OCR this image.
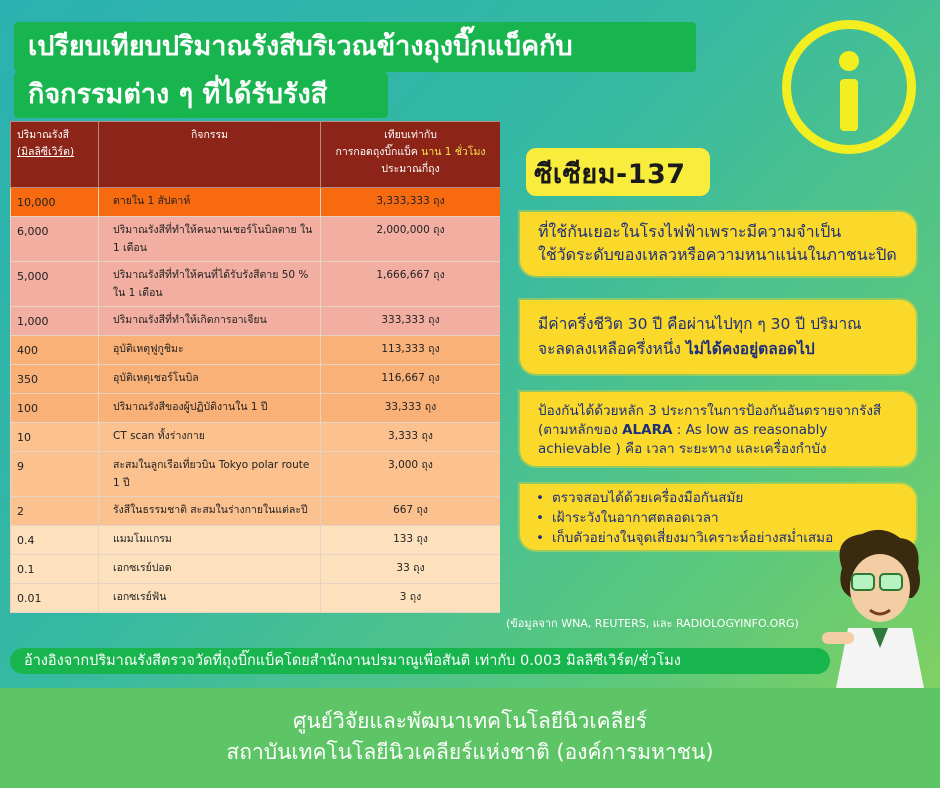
เปรียบเทียบปริมาณรังสีบริเวณข้างถุงบิ๊กแบ็คกับ
กิจกรรมต่าง ๆ ที่ได้รับรังสี
ปริมาณรังสี
(มิลลิซีเวิร์ต)	กิจกรรม	เทียบเท่ากับ
การกอดถุงบิ๊กแบ็ค นาน 1 ชั่วโมง
ประมาณกี่ถุง
10,000	ตายใน 1 สัปดาห์	3,333,333 ถุง
6,000	ปริมาณรังสีที่ทำให้คนงานเชอร์โนบิลตาย ใน 1 เดือน	2,000,000 ถุง
5,000	ปริมาณรังสีที่ทำให้คนที่ได้รับรังสีตาย 50 % ใน 1 เดือน	1,666,667 ถุง
1,000	ปริมาณรังสีที่ทำให้เกิดการอาเจียน	333,333 ถุง
400	อุบัติเหตุฟูกูชิมะ	113,333 ถุง
350	อุบัติเหตุเชอร์โนบิล	116,667 ถุง
100	ปริมาณรังสีของผู้ปฏิบัติงานใน 1 ปี	33,333 ถุง
10	CT scan ทั้งร่างกาย	3,333 ถุง
9	สะสมในลูกเรือเที่ยวบิน Tokyo polar route 1 ปี	3,000 ถุง
2	รังสีในธรรมชาติ สะสมในร่างกายในแต่ละปี	667 ถุง
0.4	แมมโมแกรม	133 ถุง
0.1	เอกซเรย์ปอด	33 ถุง
0.01	เอกซเรย์ฟัน	3 ถุง
ซีเซียม-137
ที่ใช้กันเยอะในโรงไฟฟ้าเพราะมีความจำเป็น
ใช้วัดระดับของเหลวหรือความหนาแน่นในภาชนะปิด
มีค่าครึ่งชีวิต 30 ปี คือผ่านไปทุก ๆ 30 ปี ปริมาณ
จะลดลงเหลือครึ่งหนึ่ง ไม่ได้คงอยู่ตลอดไป
ป้องกันได้ด้วยหลัก 3 ประการในการป้องกันอันตรายจากรังสี
(ตามหลักของ ALARA : As low as reasonably
achievable ) คือ เวลา ระยะทาง และเครื่องกำบัง
• ตรวจสอบได้ด้วยเครื่องมือกันสมัย
• เฝ้าระวังในอากาศตลอดเวลา
• เก็บตัวอย่างในจุดเสี่ยงมาวิเคราะห์อย่างสม่ำเสมอ
(ข้อมูลจาก WNA, REUTERS, และ RADIOLOGYINFO.ORG)
อ้างอิงจากปริมาณรังสีตรวจวัดที่ถุงบิ๊กแบ็คโดยสำนักงานปรมาณูเพื่อสันติ เท่ากับ 0.003 มิลลิซีเวิร์ต/ชั่วโมง
ศูนย์วิจัยและพัฒนาเทคโนโลยีนิวเคลียร์
สถาบันเทคโนโลยีนิวเคลียร์แห่งชาติ (องค์การมหาชน)
